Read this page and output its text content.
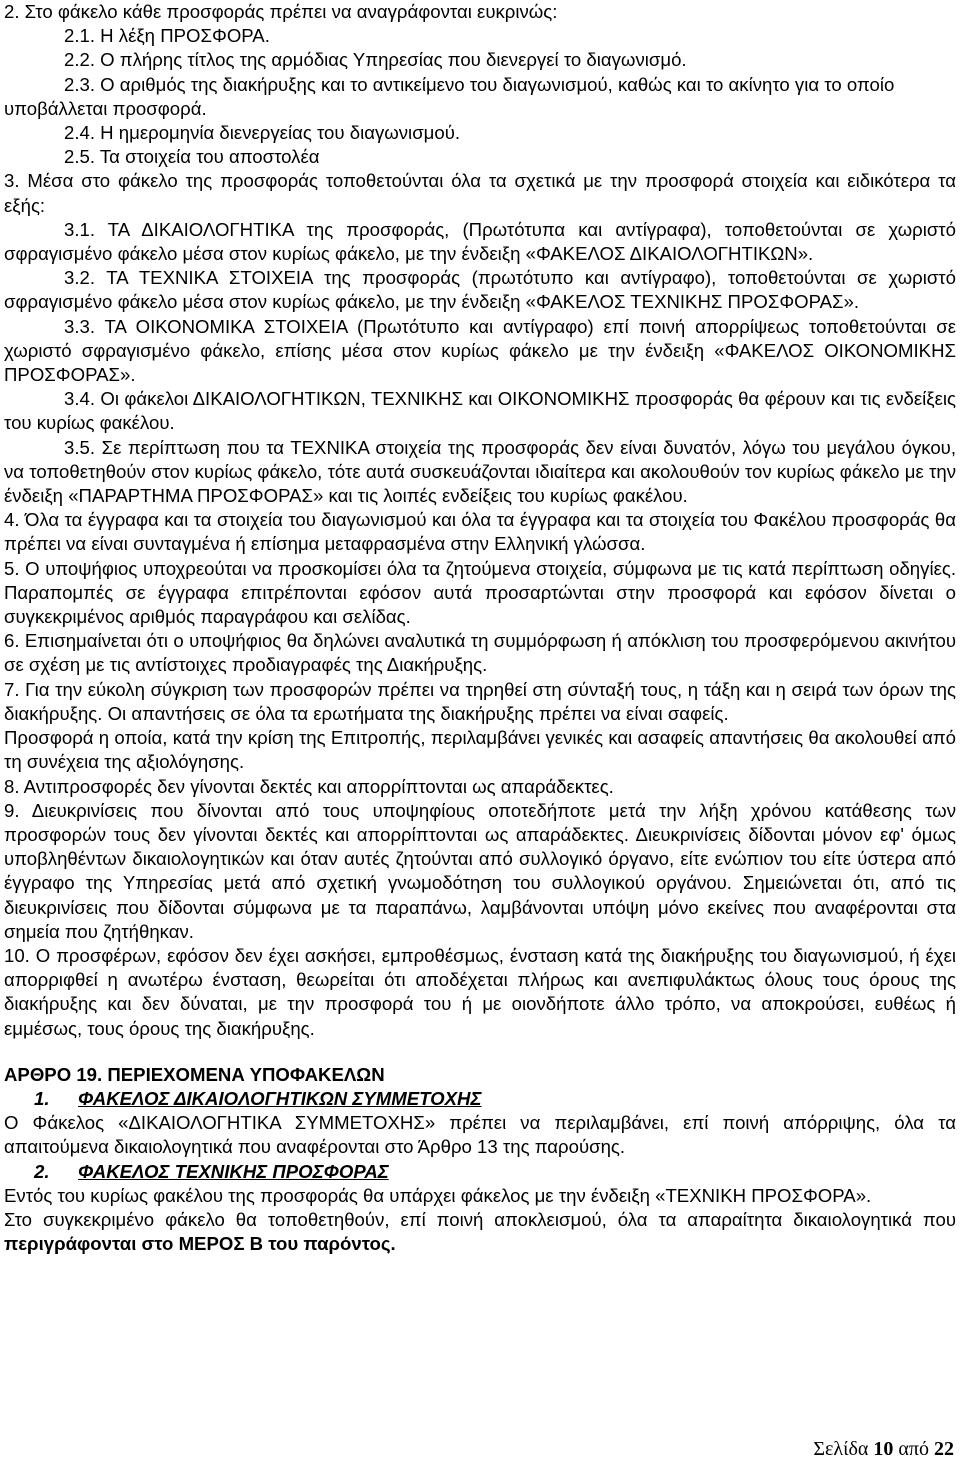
2. Στο φάκελο κάθε προσφοράς πρέπει να αναγράφονται ευκρινώς:

2.1. Η λέξη ΠΡΟΣΦΟΡΑ.

2.2. Ο πλήρης τίτλος της αρμόδιας Υπηρεσίας που διενεργεί το διαγωνισμό.

2.3. Ο αριθμός της διακήρυξης και το αντικείμενο του διαγωνισμού, καθώς και το ακίνητο για το οποίο υποβάλλεται προσφορά.

2.4. Η ημερομηνία διενεργείας του διαγωνισμού.

2.5. Τα στοιχεία του αποστολέα

3. Μέσα στο φάκελο της προσφοράς τοποθετούνται όλα τα σχετικά με την προσφορά στοιχεία και ειδικότερα τα εξής:

3.1. ΤΑ ΔΙΚΑΙΟΛΟΓΗΤΙΚΑ της προσφοράς, (Πρωτότυπα και αντίγραφα), τοποθετούνται σε χωριστό σφραγισμένο φάκελο μέσα στον κυρίως φάκελο, με την ένδειξη «ΦΑΚΕΛΟΣ ΔΙΚΑΙΟΛΟΓΗΤΙΚΩΝ».

3.2. ΤΑ ΤΕΧΝΙΚΑ ΣΤΟΙΧΕΙΑ της προσφοράς (πρωτότυπο και αντίγραφο), τοποθετούνται σε χωριστό σφραγισμένο φάκελο μέσα στον κυρίως φάκελο, με την ένδειξη «ΦΑΚΕΛΟΣ ΤΕΧΝΙΚΗΣ ΠΡΟΣΦΟΡΑΣ».

3.3. ΤΑ ΟΙΚΟΝΟΜΙΚΑ ΣΤΟΙΧΕΙΑ (Πρωτότυπο και αντίγραφο) επί ποινή απορρίψεως τοποθετούνται σε χωριστό σφραγισμένο φάκελο, επίσης μέσα στον κυρίως φάκελο με την ένδειξη «ΦΑΚΕΛΟΣ ΟΙΚΟΝΟΜΙΚΗΣ ΠΡΟΣΦΟΡΑΣ».

3.4. Οι φάκελοι ΔΙΚΑΙΟΛΟΓΗΤΙΚΩΝ, ΤΕΧΝΙΚΗΣ και ΟΙΚΟΝΟΜΙΚΗΣ προσφοράς θα φέρουν και τις ενδείξεις του κυρίως φακέλου.

3.5. Σε περίπτωση που τα ΤΕΧΝΙΚΑ στοιχεία της προσφοράς δεν είναι δυνατόν, λόγω του μεγάλου όγκου, να τοποθετηθούν στον κυρίως φάκελο, τότε αυτά συσκευάζονται ιδιαίτερα και ακολουθούν τον κυρίως φάκελο με την ένδειξη «ΠΑΡΑΡΤΗΜΑ ΠΡΟΣΦΟΡΑΣ» και τις λοιπές ενδείξεις του κυρίως φακέλου.

4. Όλα τα έγγραφα και τα στοιχεία του διαγωνισμού και όλα τα έγγραφα και τα στοιχεία του Φακέλου προσφοράς θα πρέπει να είναι συνταγμένα ή επίσημα μεταφρασμένα στην Ελληνική γλώσσα.

5. Ο υποψήφιος υποχρεούται να προσκομίσει όλα τα ζητούμενα στοιχεία, σύμφωνα με τις κατά περίπτωση οδηγίες. Παραπομπές σε έγγραφα επιτρέπονται εφόσον αυτά προσαρτώνται στην προσφορά και εφόσον δίνεται ο συγκεκριμένος αριθμός παραγράφου και σελίδας.

6. Επισημαίνεται ότι ο υποψήφιος θα δηλώνει αναλυτικά τη συμμόρφωση ή απόκλιση του προσφερόμενου ακινήτου σε σχέση με τις αντίστοιχες προδιαγραφές της Διακήρυξης.

7. Για την εύκολη σύγκριση των προσφορών πρέπει να τηρηθεί στη σύνταξή τους, η τάξη και η σειρά των όρων της διακήρυξης. Οι απαντήσεις σε όλα τα ερωτήματα της διακήρυξης πρέπει να είναι σαφείς.

Προσφορά η οποία, κατά την κρίση της Επιτροπής, περιλαμβάνει γενικές και ασαφείς απαντήσεις θα ακολουθεί από τη συνέχεια της αξιολόγησης.

8. Αντιπροσφορές δεν γίνονται δεκτές και απορρίπτονται ως απαράδεκτες.

9. Διευκρινίσεις που δίνονται από τους υποψηφίους οποτεδήποτε μετά την λήξη χρόνου κατάθεσης των προσφορών τους δεν γίνονται δεκτές και απορρίπτονται ως απαράδεκτες. Διευκρινίσεις δίδονται μόνον εφ' όμως υποβληθέντων δικαιολογητικών και όταν αυτές ζητούνται από συλλογικό όργανο, είτε ενώπιον του είτε ύστερα από έγγραφο της Υπηρεσίας μετά από σχετική γνωμοδότηση του συλλογικού οργάνου. Σημειώνεται ότι, από τις διευκρινίσεις που δίδονται σύμφωνα με τα παραπάνω, λαμβάνονται υπόψη μόνο εκείνες που αναφέρονται στα σημεία που ζητήθηκαν.

10. Ο προσφέρων, εφόσον δεν έχει ασκήσει, εμπροθέσμως, ένσταση κατά της διακήρυξης του διαγωνισμού, ή έχει απορριφθεί η ανωτέρω ένσταση, θεωρείται ότι αποδέχεται πλήρως και ανεπιφυλάκτως όλους τους όρους της διακήρυξης και δεν δύναται, με την προσφορά του ή με οιονδήποτε άλλο τρόπο, να αποκρούσει, ευθέως ή εμμέσως, τους όρους της διακήρυξης.

ΑΡΘΡΟ 19. ΠΕΡΙΕΧΟΜΕΝΑ ΥΠΟΦΑΚΕΛΩΝ

1. ΦΑΚΕΛΟΣ ΔΙΚΑΙΟΛΟΓΗΤΙΚΩΝ ΣΥΜΜΕΤΟΧΗΣ

Ο Φάκελος «ΔΙΚΑΙΟΛΟΓΗΤΙΚΑ ΣΥΜΜΕΤΟΧΗΣ» πρέπει να περιλαμβάνει, επί ποινή απόρριψης, όλα τα απαιτούμενα δικαιολογητικά που αναφέρονται στο Άρθρο 13 της παρούσης.

2. ΦΑΚΕΛΟΣ ΤΕΧΝΙΚΗΣ ΠΡΟΣΦΟΡΑΣ

Εντός του κυρίως φακέλου της προσφοράς θα υπάρχει φάκελος με την ένδειξη «ΤΕΧΝΙΚΗ ΠΡΟΣΦΟΡΑ».

Στο συγκεκριμένο φάκελο θα τοποθετηθούν, επί ποινή αποκλεισμού, όλα τα απαραίτητα δικαιολογητικά που περιγράφονται στο ΜΕΡΟΣ Β του παρόντος.

Σελίδα 10 από 22
